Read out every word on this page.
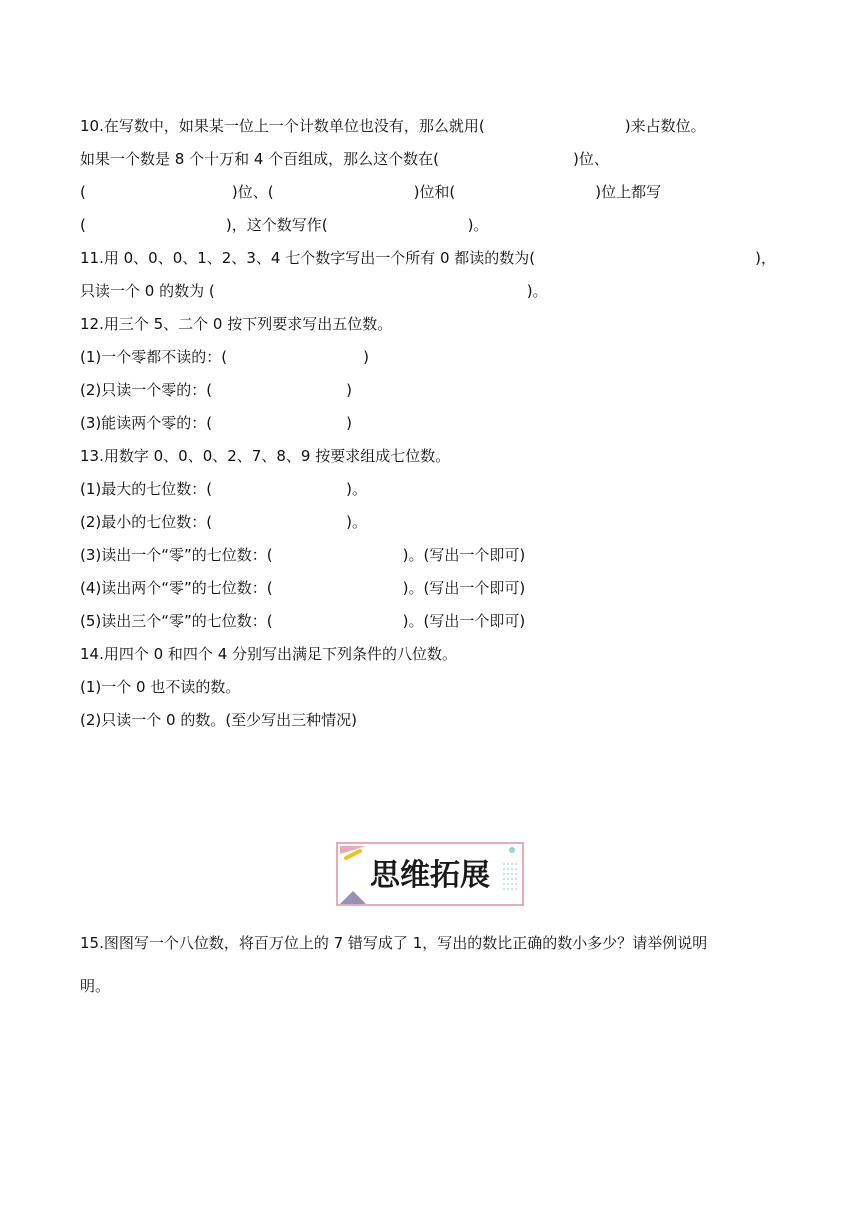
10.在写数中，如果某一位上一个计数单位也没有，那么就用(	)来占数位。

如果一个数是 8 个十万和 4 个百组成，那么这个数在(	)位、

(	)位、(	)位和(	)位上都写

(	)，这个数写作(	)。

11.用 0、0、0、1、2、3、4 七个数字写出一个所有 0 都读的数为(	)，

只读一个 0 的数为 (	)。

12.用三个 5、二个 0 按下列要求写出五位数。

(1)一个零都不读的：(	)

(2)只读一个零的：(	)

(3)能读两个零的：(	)

13.用数字 0、0、0、2、7、8、9 按要求组成七位数。

(1)最大的七位数：(	)。

(2)最小的七位数：(	)。

(3)读出一个“零”的七位数：(	)。(写出一个即可)

(4)读出两个“零”的七位数：(	)。(写出一个即可)

(5)读出三个“零”的七位数：(	)。(写出一个即可)

14.用四个 0 和四个 4 分别写出满足下列条件的八位数。

(1)一个 0 也不读的数。

(2)只读一个 0 的数。(至少写出三种情况)

思维拓展

15.图图写一个八位数，将百万位上的 7 错写成了 1，写出的数比正确的数小多少？请举例说明

明。
